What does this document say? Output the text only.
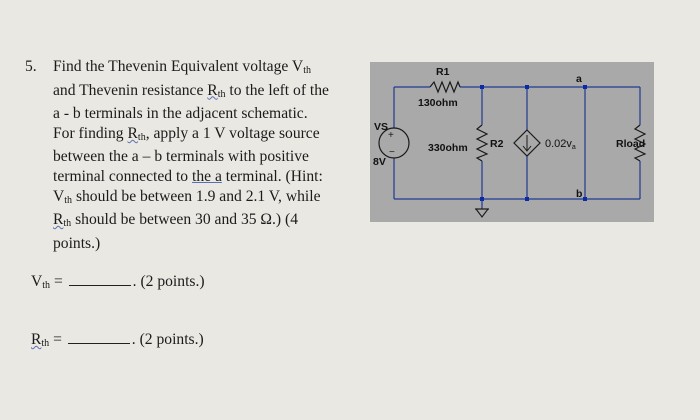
5. Find the Thevenin Equivalent voltage $V_{th}$
and Thevenin resistance $R_{th}$ to the left of the
a - b terminals in the adjacent schematic.
For finding $R_{th}$, apply a 1 V voltage source
between the a – b terminals with positive
terminal connected to the a terminal. (Hint:
$V_{th}$ should be between 1.9 and 2.1 V, while
$R_{th}$ should be between 30 and 35 Ω.) (4
points.)
$V_{th}$ =	. (2 points.)
$R_{th}$ =	. (2 points.)
+
−
VS
8V
R1
130ohm
330ohm R2	$0.02v_a$
a
b
Rload
